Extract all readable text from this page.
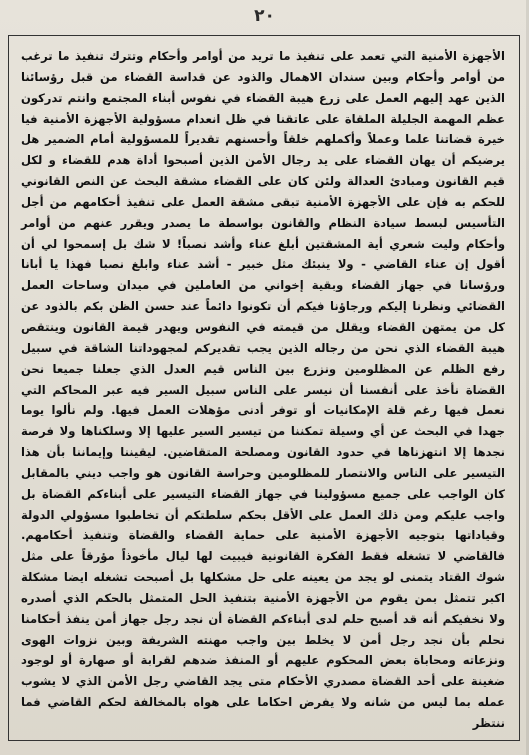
٢٠

الأجهزة الأمنية التي تعمد على تنفيذ ما تريد من أوامر وأحكام وتترك تنفيذ ما ترغب من أوامر وأحكام وبين سندان الاهمال والذود عن قداسة القضاء من قبل رؤسائنا الذين عهد إليهم العمل على زرع هيبة القضاء في نفوس أبناء المجتمع وانتم تدركون عظم المهمة الجليلة الملقاة على عاتقنا في ظل انعدام مسؤولية الأجهزة الأمنية فيا خيرة قضاتنا علما وعملاً وأكملهم خلقاً وأحسنهم تقديراً للمسؤولية أمام الضمير هل يرضيكم أن يهان القضاء على يد رجال الأمن الذين أصبحوا أداة هدم للقضاء و لكل قيم القانون ومبادئ العدالة ولئن كان على القضاء مشقة البحث عن النص القانوني للحكم به فإن على الأجهزة الأمنية تبقى مشقة العمل على تنفيذ أحكامهم من أجل التأسيس لبسط سيادة النظام والقانون بواسطة ما يصدر ويقرر عنهم من أوامر وأحكام وليت شعري أية المشقتين أبلغ عناء وأشد نصباً! لا شك بل إسمحوا لي أن أقول إن عناء القاضي - ولا ينبئك مثل خبير - أشد عناء وابلغ نصبا فهذا يا أبانا ورؤسانا في جهاز القضاء وبقية إخواني من العاملين في ميدان وساحات العمل القضائي ونظرنا إليكم ورجاؤنا فيكم أن تكونوا دائماً عند حسن الظن بكم بالذود عن كل من يمتهن القضاء ويقلل من قيمته في النفوس ويهدر قيمة القانون وينتقص هيبة القضاء الذي نحن من رجاله الذين يجب تقديركم لمجهوداتنا الشاقة في سبيل رفع الظلم عن المظلومين ونزرع بين الناس قيم العدل الذي جعلنا جميعا نحن القضاة نأخذ على أنفسنا أن نيسر على الناس سبيل السير فيه عبر المحاكم التي نعمل فيها رغم قلة الإمكانيات أو توفر أدنى مؤهلات العمل فيها. ولم نألوا يوما جهدا في البحث عن أي وسيلة تمكننا من تيسير السير عليها إلا وسلكناها ولا فرصة نجدها إلا انتهزناها في حدود القانون ومصلحة المتقاضين. ليقيننا وإيماننا بأن هذا التيسير على الناس والانتصار للمظلومين وحراسة القانون هو واجب ديني بالمقابل كان الواجب على جميع مسؤولينا في جهاز القضاء التيسير على أبناءكم القضاة بل واجب عليكم ومن ذلك العمل على الأقل بحكم سلطتكم أن تخاطبوا مسؤولي الدولة وقياداتها بتوجيه الأجهزة الأمنية على حماية القضاء والقضاة وتنفيذ أحكامهم. فالقاضي لا تشغله فقط الفكرة القانونية فيبيت لها ليال مأخوذاً مؤرقاً على مثل شوك القتاد يتمنى لو يجد من يعينه على حل مشكلها بل أصبحت تشغله ايضا مشكلة اكبر تتمثل بمن يقوم من الأجهزة الأمنية بتنفيذ الحل المتمثل بالحكم الذي أصدره ولا نخفيكم أنه قد أصبح حلم لدى أبناءكم القضاة أن نجد رجل جهاز أمن ينفذ أحكامنا نحلم بأن نجد رجل أمن لا يخلط بين واجب مهنته الشريفة وبين نزوات الهوى ونزعاته ومحاباة بعض المحكوم عليهم أو المنفذ ضدهم لقرابة أو صهارة أو لوجود ضغينة على أحد القضاة مصدري الأحكام متى يجد القاضي رجل الأمن الذي لا يشوب عمله بما ليس من شانه ولا يفرض احكاما على هواه بالمخالفة لحكم القاضي فما ننتظر
